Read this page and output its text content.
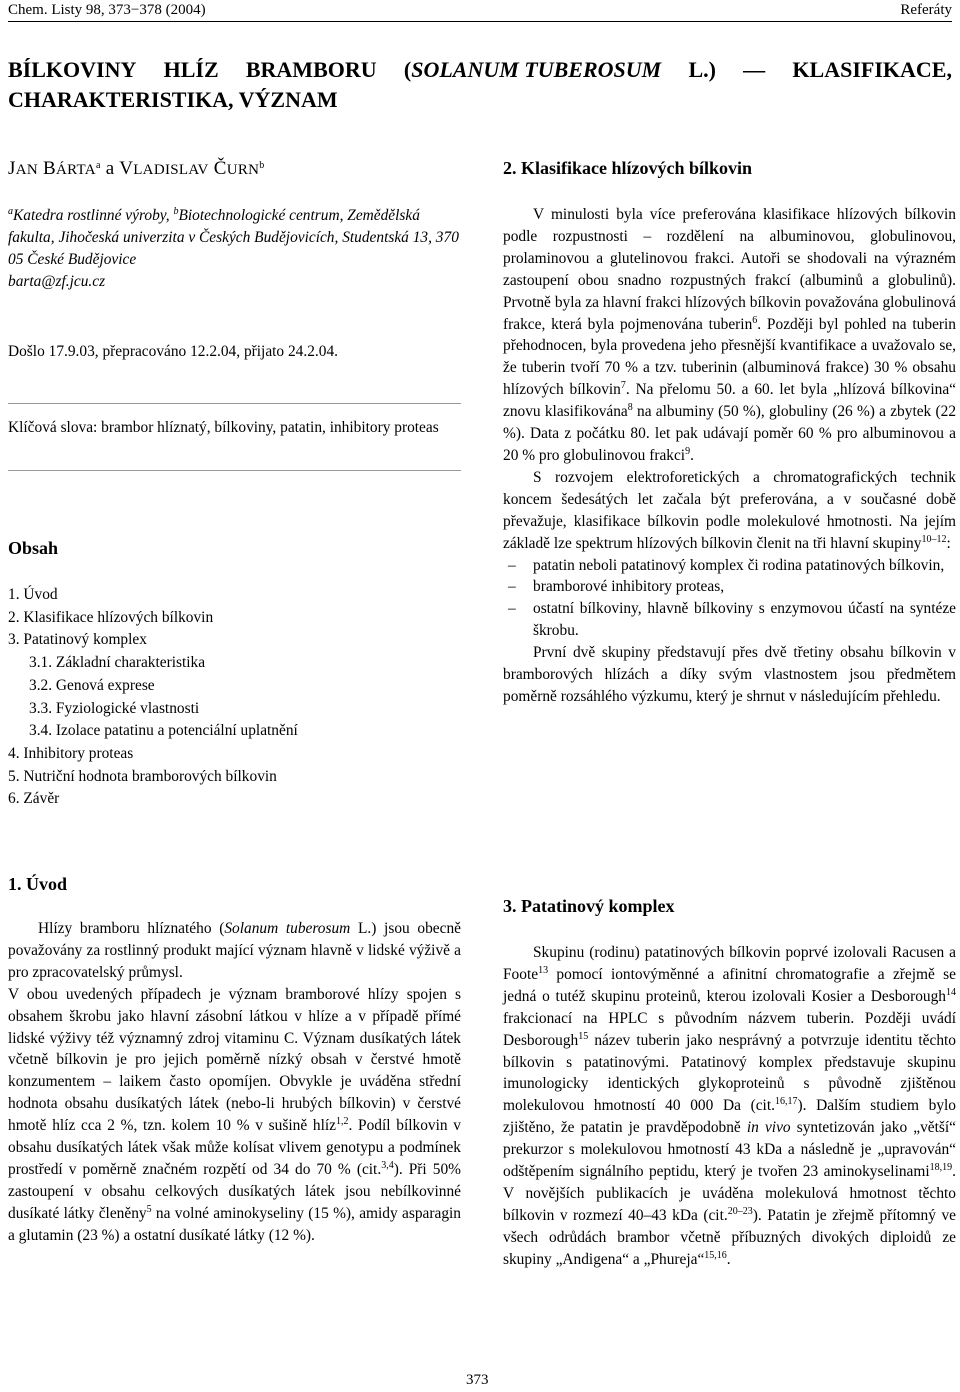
Chem. Listy 98, 373−378 (2004)	Referáty
BÍLKOVINY HLÍZ BRAMBORU (SOLANUM TUBEROSUM L.) — KLASIFIKACE,
CHARAKTERISTIKA, VÝZNAM
JAN BÁRTA$^a$ a VLADISLAV ČURN$^b$
$^a$Katedra rostlinné výroby, $^b$Biotechnologické centrum, Zemědělská fakulta, Jihočeská univerzita v Českých Budějovicích, Studentská 13, 370 05 České Budějovice
barta@zf.jcu.cz
Došlo 17.9.03, přepracováno 12.2.04, přijato 24.2.04.
Klíčová slova: brambor hlíznatý, bílkoviny, patatin, inhibitory proteas
Obsah
1. Úvod
2. Klasifikace hlízových bílkovin
3. Patatinový komplex
3.1. Základní charakteristika
3.2. Genová exprese
3.3. Fyziologické vlastnosti
3.4. Izolace patatinu a potenciální uplatnění
4. Inhibitory proteas
5. Nutriční hodnota bramborových bílkovin
6. Závěr
1. Úvod

Hlízy bramboru hlíznatého (Solanum tuberosum L.) jsou obecně považovány za rostlinný produkt mající význam hlavně v lidské výživě a pro zpracovatelský průmysl.

V obou uvedených případech je význam bramborové hlízy spojen s obsahem škrobu jako hlavní zásobní látkou v hlíze a v případě přímé lidské výživy též významný zdroj vitaminu C. Význam dusíkatých látek včetně bílkovin je pro jejich poměrně nízký obsah v čerstvé hmotě konzumentem – laikem často opomíjen. Obvykle je uváděna střední hodnota obsahu dusíkatých látek (nebo-li hrubých bílkovin) v čerstvé hmotě hlíz cca 2 %, tzn. kolem 10 % v sušině hlíz$^{1,2}$. Podíl bílkovin v obsahu dusíkatých látek však může kolísat vlivem genotypu a podmínek prostředí v poměrně značném rozpětí od 34 do 70 % (cit.$^{3,4}$). Při 50% zastoupení v obsahu celkových dusíkatých látek jsou nebílkovinné dusíkaté látky členěny$^5$ na volné aminokyseliny (15 %), amidy asparagin a glutamin (23 %) a ostatní dusíkaté látky (12 %).

2. Klasifikace hlízových bílkovin

V minulosti byla více preferována klasifikace hlízových bílkovin podle rozpustnosti – rozdělení na albuminovou, globulinovou, prolaminovou a glutelinovou frakci. Autoři se shodovali na výrazném zastoupení obou snadno rozpustných frakcí (albuminů a globulinů). Prvotně byla za hlavní frakci hlízových bílkovin považována globulinová frakce, která byla pojmenována tuberin$^6$. Později byl pohled na tuberin přehodnocen, byla provedena jeho přesnější kvantifikace a uvažovalo se, že tuberin tvoří 70 % a tzv. tuberinin (albuminová frakce) 30 % obsahu hlízových bílkovin$^7$. Na přelomu 50. a 60. let byla „hlízová bílkovina“ znovu klasifikována$^8$ na albuminy (50 %), globuliny (26 %) a zbytek (22 %). Data z počátku 80. let pak udávají poměr 60 % pro albuminovou a 20 % pro globulinovou frakci$^9$.

S rozvojem elektroforetických a chromatografických technik koncem šedesátých let začala být preferována, a v současné době převažuje, klasifikace bílkovin podle molekulové hmotnosti. Na jejím základě lze spektrum hlízových bílkovin členit na tři hlavní skupiny$^{10-12}$:

– patatin neboli patatinový komplex či rodina patatinových bílkovin,
– bramborové inhibitory proteas,
– ostatní bílkoviny, hlavně bílkoviny s enzymovou účastí na syntéze škrobu.

První dvě skupiny představují přes dvě třetiny obsahu bílkovin v bramborových hlízách a díky svým vlastnostem jsou předmětem poměrně rozsáhlého výzkumu, který je shrnut v následujícím přehledu.

3. Patatinový komplex

Skupinu (rodinu) patatinových bílkovin poprvé izolovali Racusen a Foote$^{13}$ pomocí iontovýměnné a afinitní chromatografie a zřejmě se jedná o tutéž skupinu proteinů, kterou izolovali Kosier a Desborough$^{14}$ frakcionací na HPLC s původním názvem tuberin. Později uvádí Desborough$^{15}$ název tuberin jako nesprávný a potvrzuje identitu těchto bílkovin s patatinovými. Patatinový komplex představuje skupinu imunologicky identických glykoproteinů s původně zjištěnou molekulovou hmotností 40 000 Da (cit.$^{16,17}$). Dalším studiem bylo zjištěno, že patatin je pravděpodobně in vivo syntetizován jako „větší“ prekurzor s molekulovou hmotností 43 kDa a následně je „upravován“ odštěpením signálního peptidu, který je tvořen 23 aminokyselinami$^{18,19}$. V novějších publikacích je uváděna molekulová hmotnost těchto bílkovin v rozmezí 40–43 kDa (cit.$^{20-23}$). Patatin je zřejmě přítomný ve všech odrůdách brambor včetně příbuzných divokých diploidů ze skupiny „Andigena“ a „Phureja“$^{15,16}$.

373
